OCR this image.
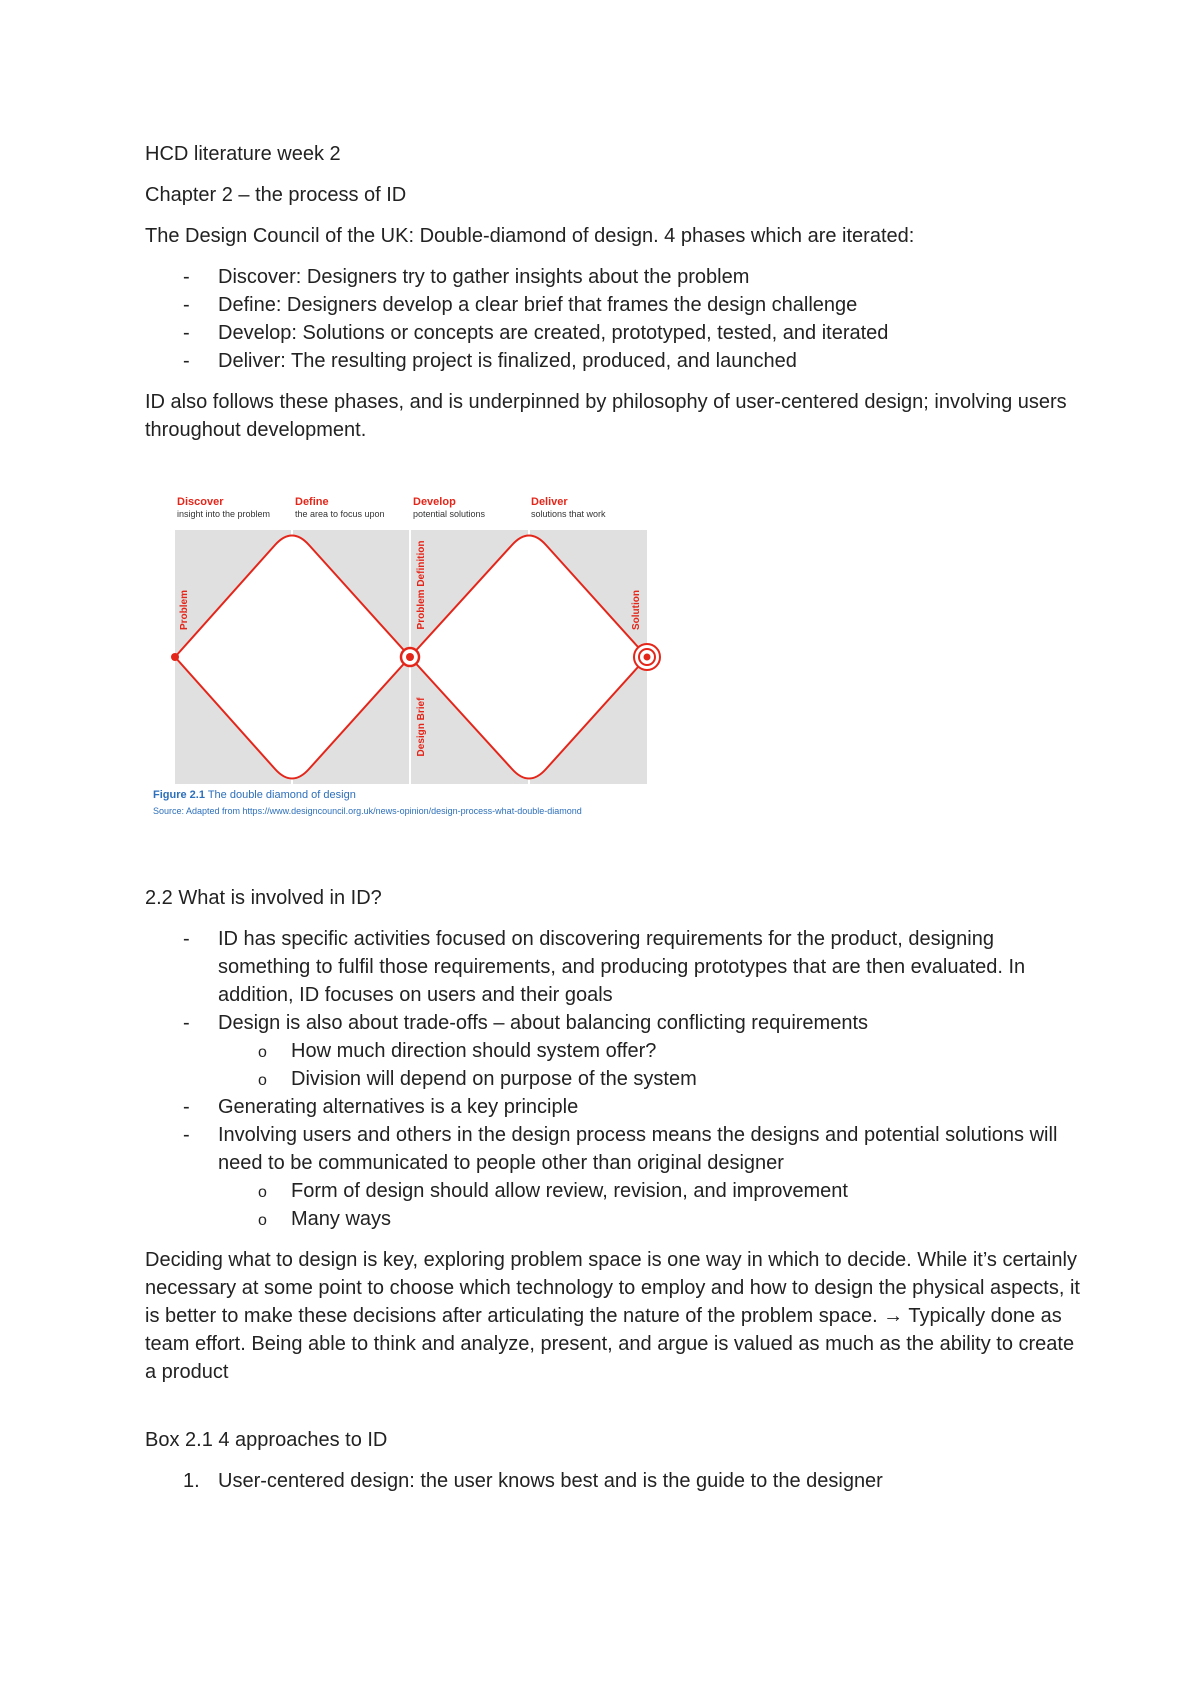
HCD literature week 2

Chapter 2 – the process of ID

The Design Council of the UK: Double-diamond of design. 4 phases which are iterated:

- Discover: Designers try to gather insights about the problem
- Define: Designers develop a clear brief that frames the design challenge
- Develop: Solutions or concepts are created, prototyped, tested, and iterated
- Deliver: The resulting project is finalized, produced, and launched

ID also follows these phases, and is underpinned by philosophy of user-centered design; involving users throughout development.

Discover
insight into the problem
Define
the area to focus upon
Develop
potential solutions
Deliver
solutions that work
Problem	Problem Definition
Design Brief
Solution
Figure 2.1 The double diamond of design
Source: Adapted from https://www.designcouncil.org.uk/news-opinion/design-process-what-double-diamond

2.2 What is involved in ID?

- ID has specific activities focused on discovering requirements for the product, designing something to fulfil those requirements, and producing prototypes that are then evaluated. In addition, ID focuses on users and their goals
- Design is also about trade-offs – about balancing conflicting requirements
o How much direction should system offer?
o Division will depend on purpose of the system
- Generating alternatives is a key principle
- Involving users and others in the design process means the designs and potential solutions will need to be communicated to people other than original designer
o Form of design should allow review, revision, and improvement
o Many ways

Deciding what to design is key, exploring problem space is one way in which to decide. While it’s certainly necessary at some point to choose which technology to employ and how to design the physical aspects, it is better to make these decisions after articulating the nature of the problem space. → Typically done as team effort. Being able to think and analyze, present, and argue is valued as much as the ability to create a product

Box 2.1 4 approaches to ID

1. User-centered design: the user knows best and is the guide to the designer
